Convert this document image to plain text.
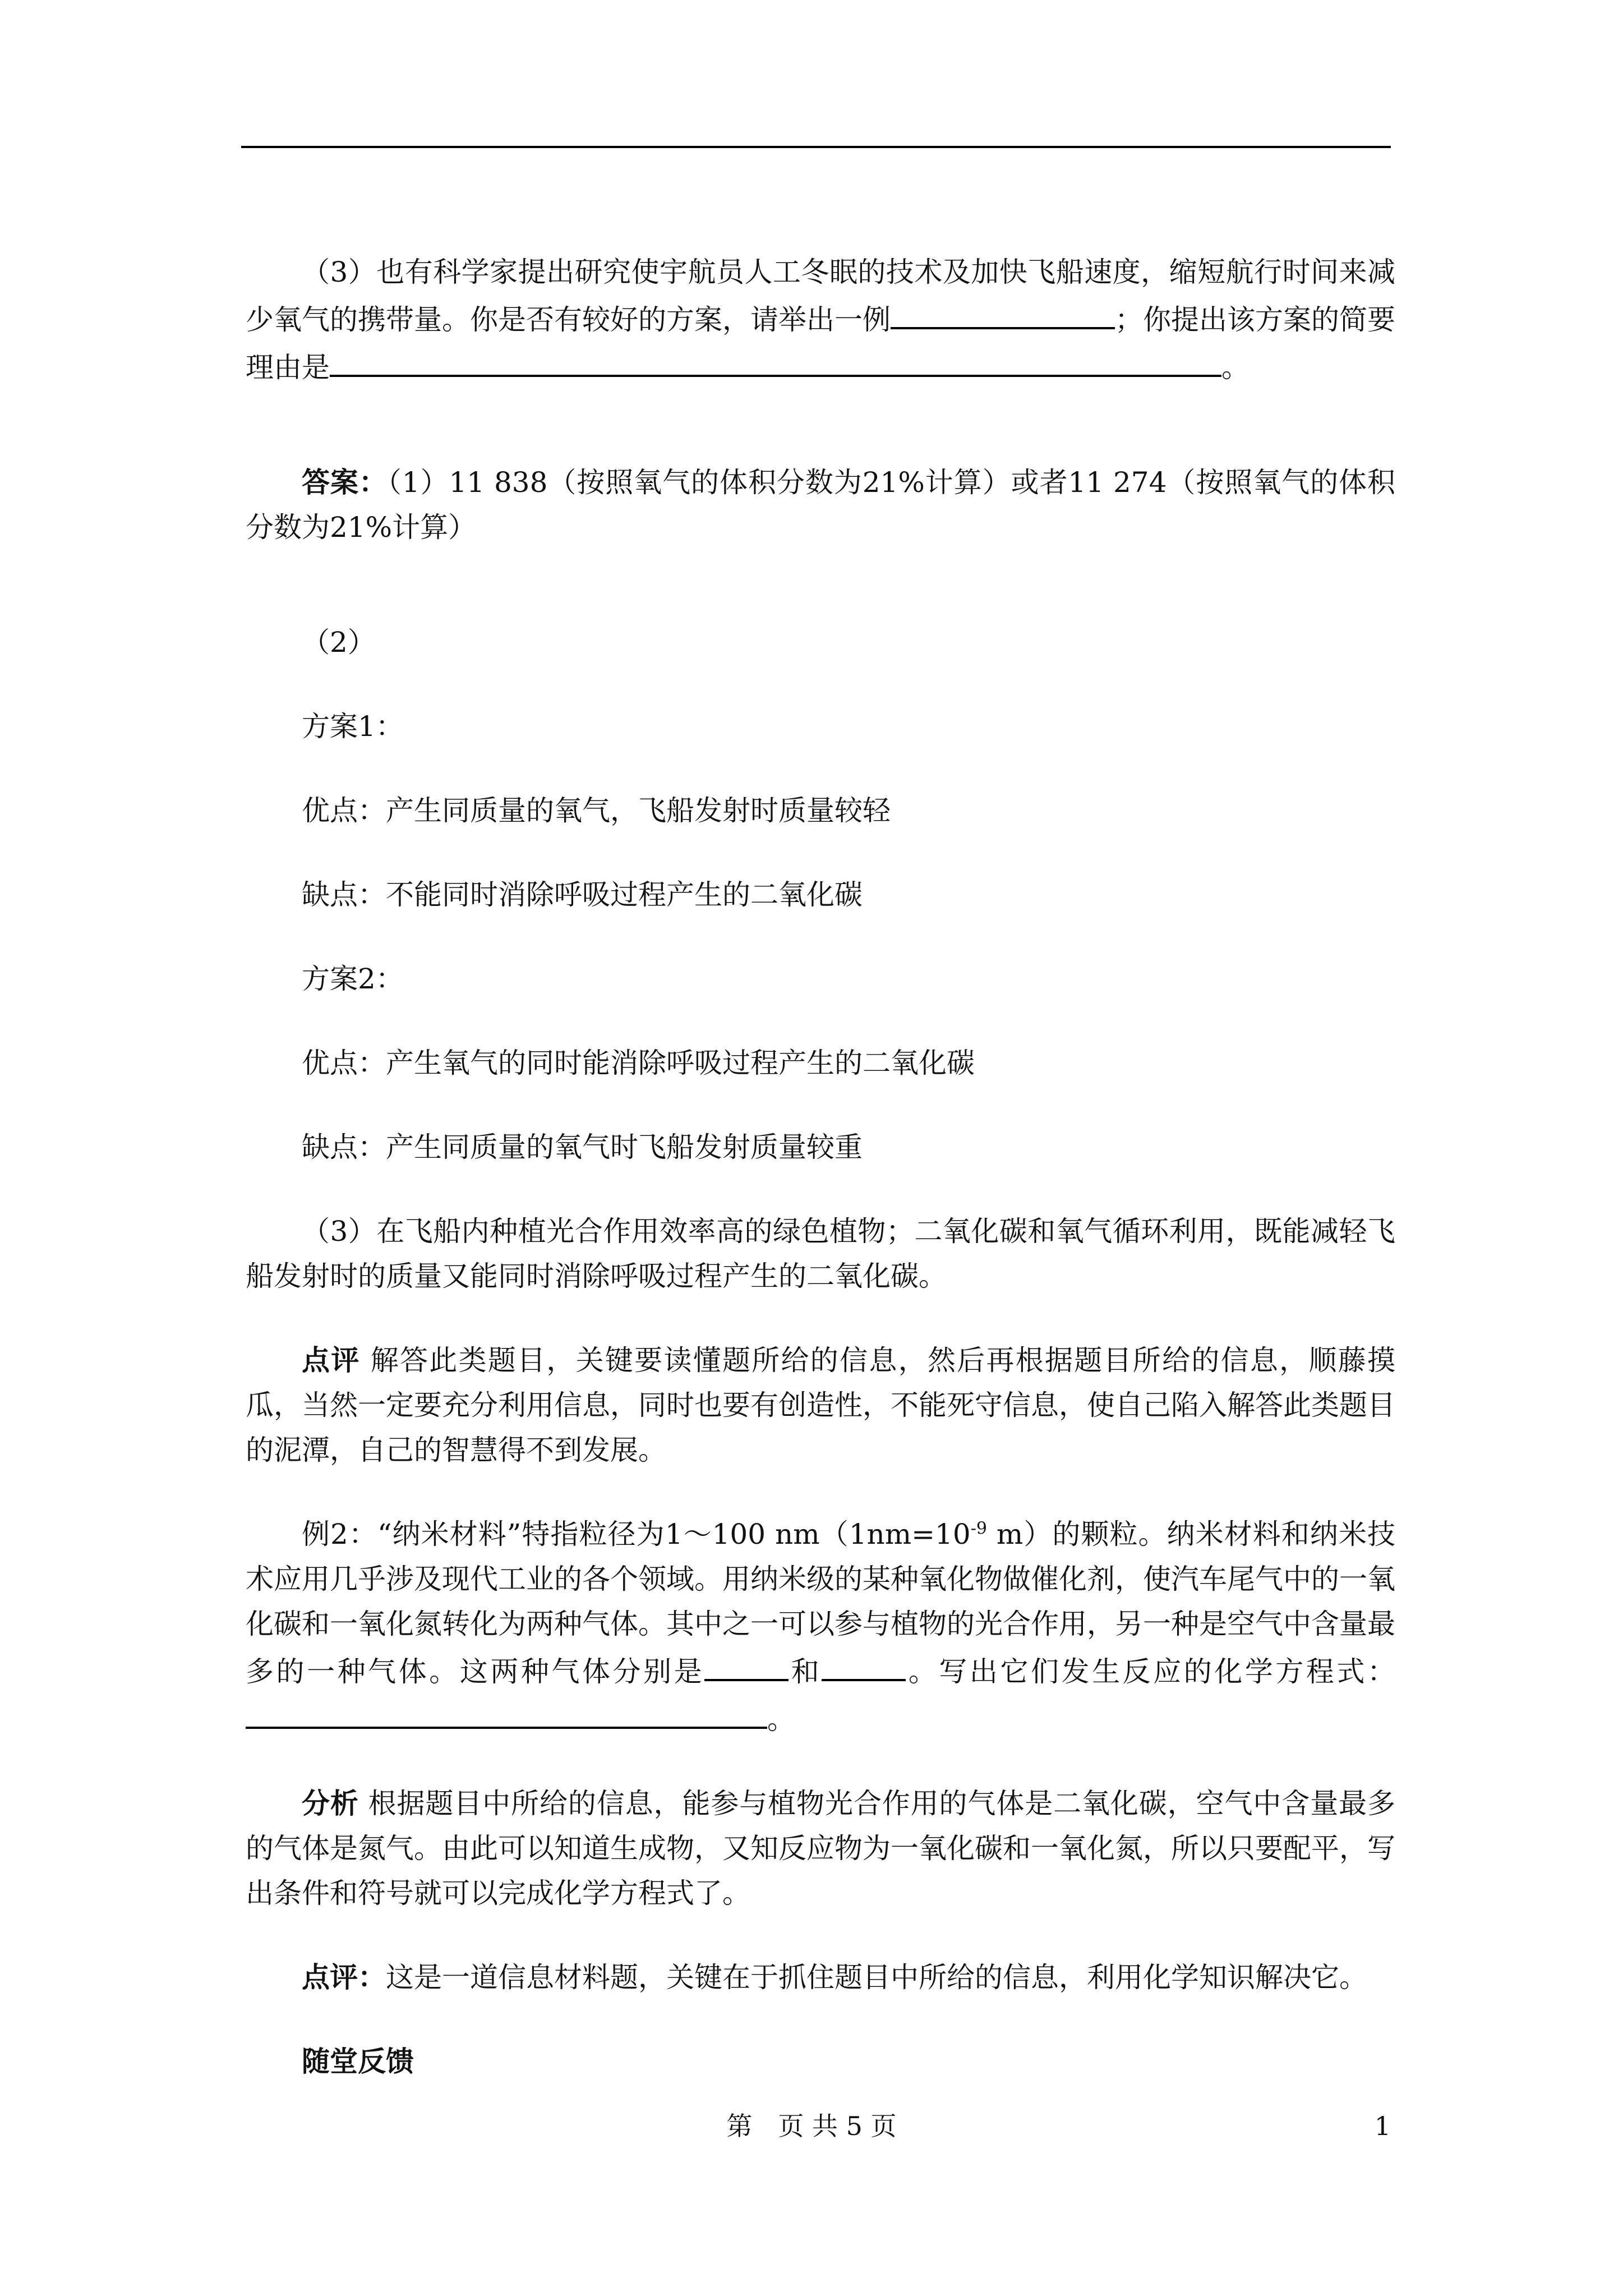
（3）也有科学家提出研究使宇航员人工冬眠的技术及加快飞船速度，缩短航行时间来减少氧气的携带量。你是否有较好的方案，请举出一例	；你提出该方案的简要理由是	。

答案：（1）11 838（按照氧气的体积分数为21%计算）或者11 274（按照氧气的体积分数为21%计算）

（2）

方案1：

优点：产生同质量的氧气，飞船发射时质量较轻

缺点：不能同时消除呼吸过程产生的二氧化碳

方案2：

优点：产生氧气的同时能消除呼吸过程产生的二氧化碳

缺点：产生同质量的氧气时飞船发射质量较重

（3）在飞船内种植光合作用效率高的绿色植物；二氧化碳和氧气循环利用，既能减轻飞船发射时的质量又能同时消除呼吸过程产生的二氧化碳。

点评 解答此类题目，关键要读懂题所给的信息，然后再根据题目所给的信息，顺藤摸瓜，当然一定要充分利用信息，同时也要有创造性，不能死守信息，使自己陷入解答此类题目的泥潭，自己的智慧得不到发展。

例2：“纳米材料”特指粒径为1～100 $nm(1nm=10^{-9}$ m）的颗粒。纳米材料和纳米技术应用几乎涉及现代工业的各个领域。用纳米级的某种氧化物做催化剂，使汽车尾气中的一氧化碳和一氧化氮转化为两种气体。其中之一可以参与植物的光合作用，另一种是空气中含量最多的一种气体。这两种气体分别是	和	。写出它们发生反应的化学方程式：。

分析 根据题目中所给的信息，能参与植物光合作用的气体是二氧化碳，空气中含量最多的气体是氮气。由此可以知道生成物，又知反应物为一氧化碳和一氧化氮，所以只要配平，写出条件和符号就可以完成化学方程式了。

点评：这是一道信息材料题，关键在于抓住题目中所给的信息，利用化学知识解决它。

随堂反馈

第　页 共 5 页	1
